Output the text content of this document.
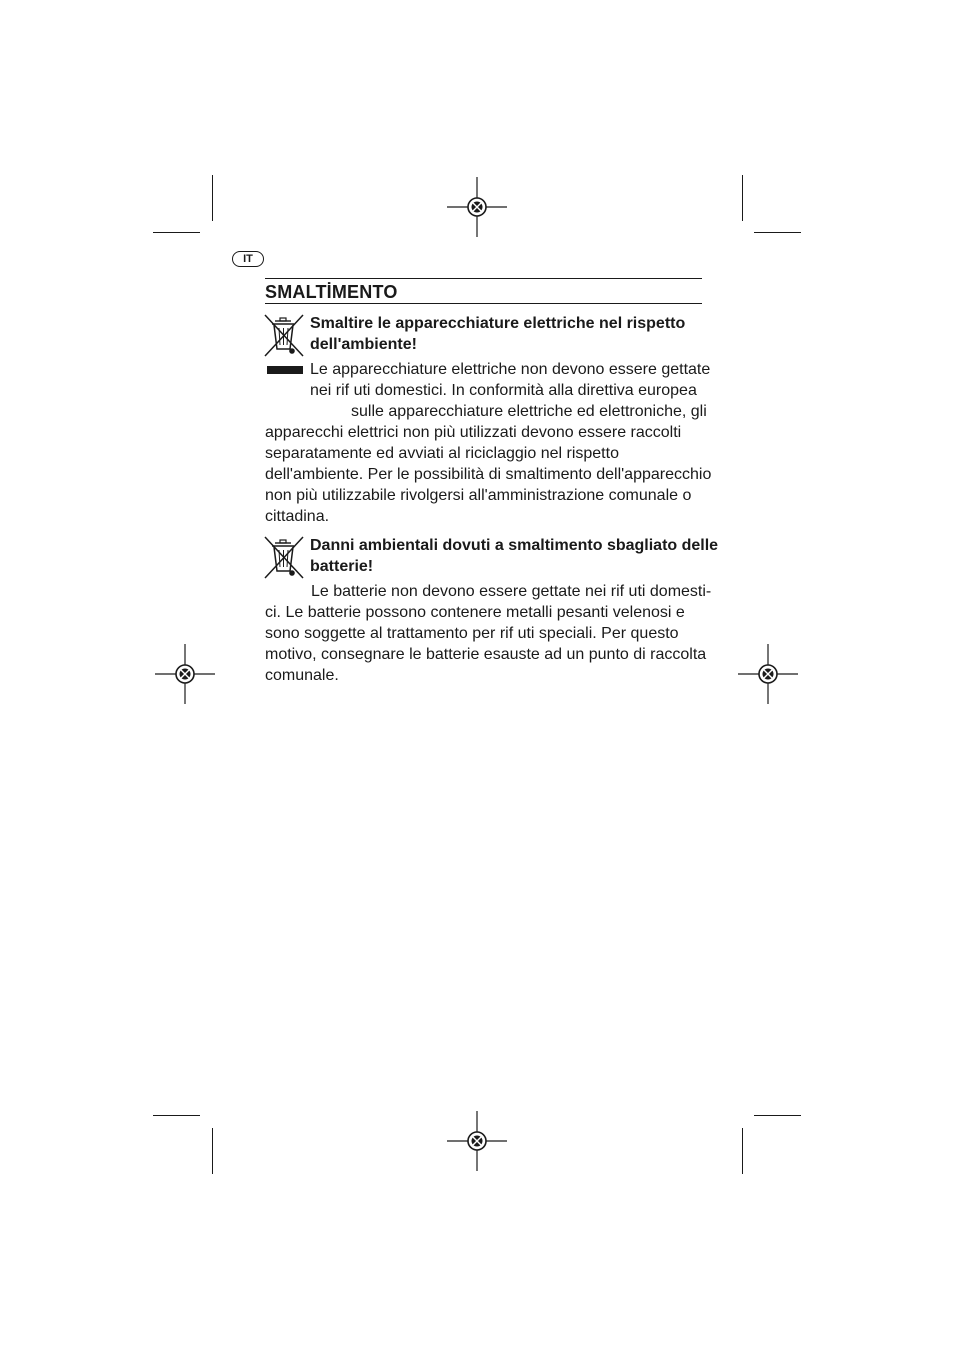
IT
SMALTİMENTO
Smaltire le apparecchiature elettriche nel rispetto
dell'ambiente!
Le apparecchiature elettriche non devono essere gettate
nei rif uti domestici. In conformità alla direttiva europea
sulle apparecchiature elettriche ed elettroniche, gli
apparecchi elettrici non più utilizzati devono essere raccolti
separatamente ed avviati al riciclaggio nel rispetto
dell'ambiente. Per le possibilità di smaltimento dell'apparecchio
non più utilizzabile rivolgersi all'amministrazione comunale o
cittadina.
Danni ambientali dovuti a smaltimento sbagliato delle
batterie!
Le batterie non devono essere gettate nei rif uti domesti-
ci. Le batterie possono contenere metalli pesanti velenosi e
sono soggette al trattamento per rif uti speciali. Per questo
motivo, consegnare le batterie esauste ad un punto di raccolta
comunale.
